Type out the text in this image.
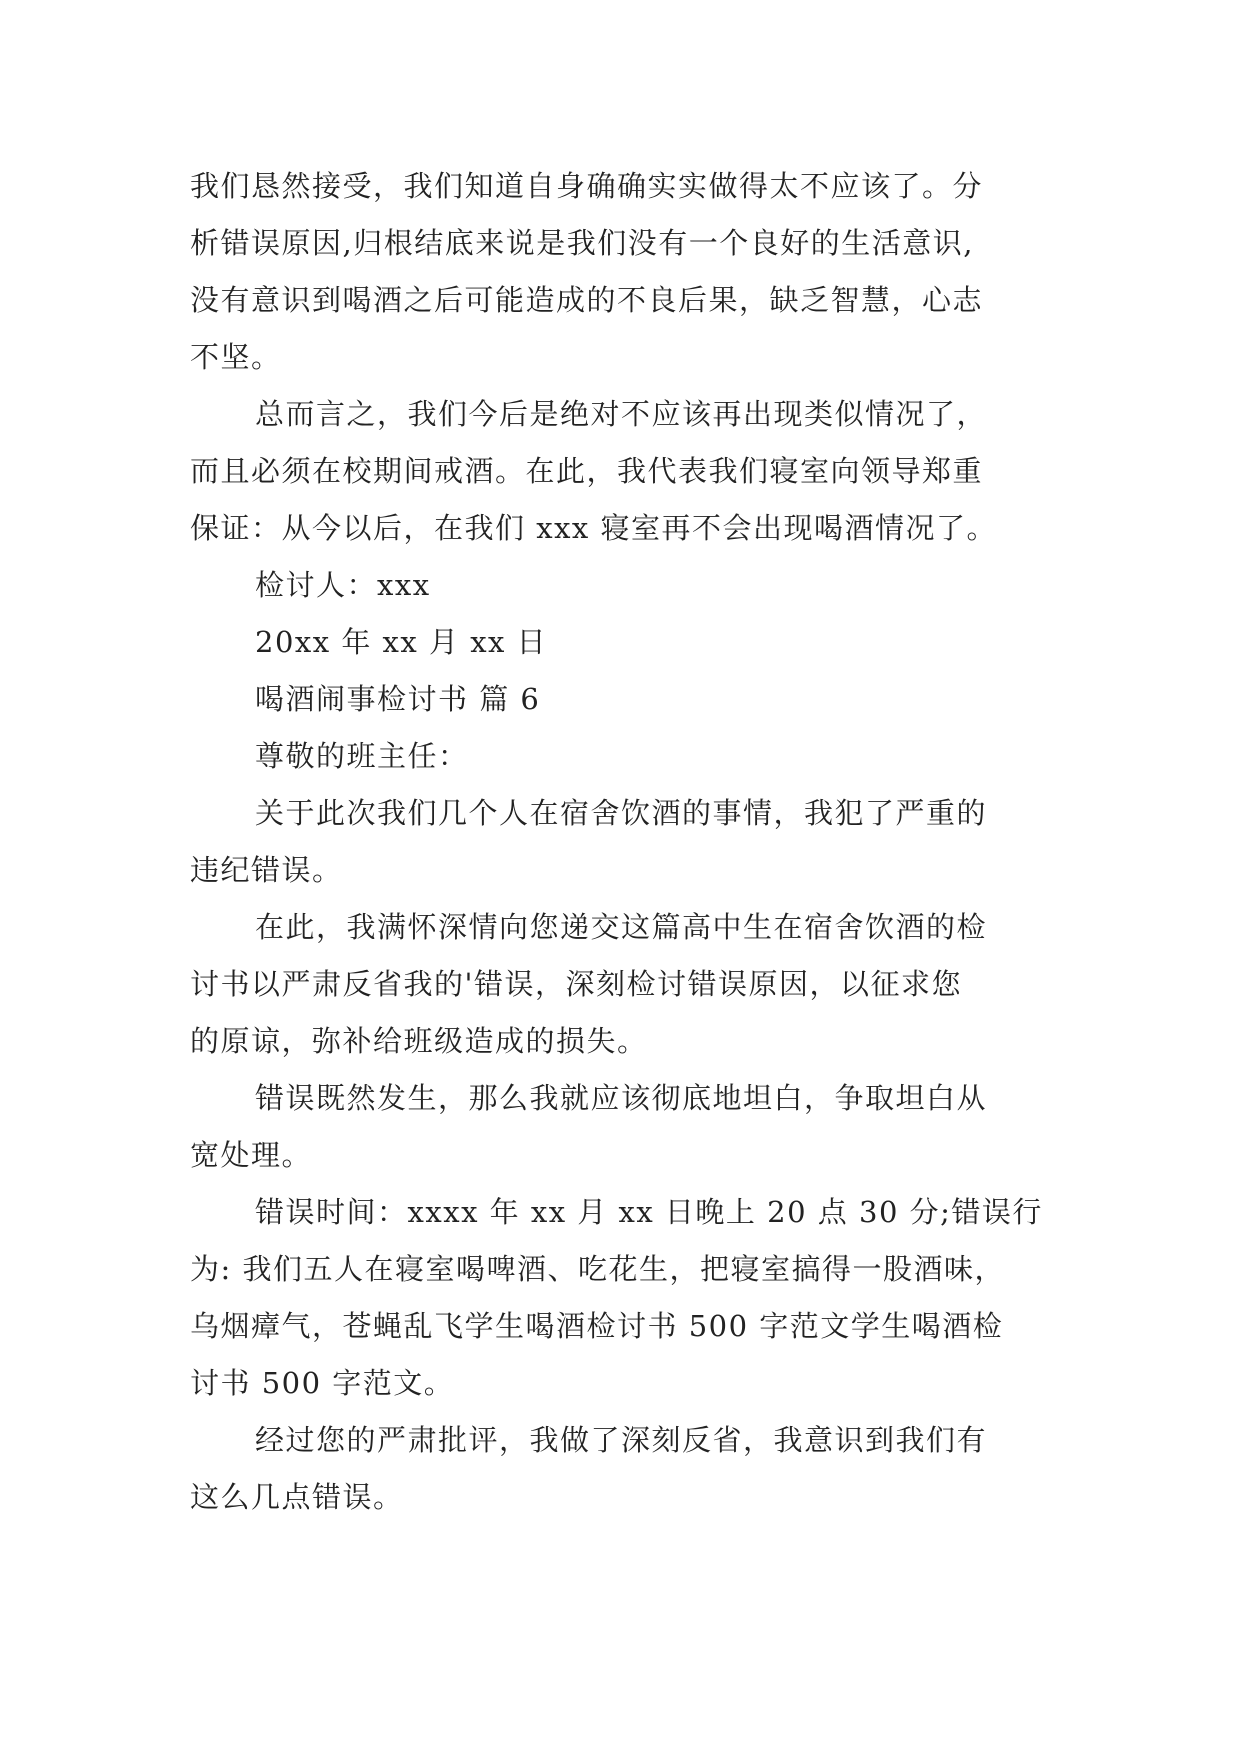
我们恳然接受，我们知道自身确确实实做得太不应该了。分
析错误原因,归根结底来说是我们没有一个良好的生活意识,
没有意识到喝酒之后可能造成的不良后果，缺乏智慧，心志
不坚。
总而言之，我们今后是绝对不应该再出现类似情况了，
而且必须在校期间戒酒。在此，我代表我们寝室向领导郑重
保证：从今以后，在我们 xxx 寝室再不会出现喝酒情况了。
检讨人：xxx
20xx 年 xx 月 xx 日
喝酒闹事检讨书 篇 6
尊敬的班主任：
关于此次我们几个人在宿舍饮酒的事情，我犯了严重的
违纪错误。
在此，我满怀深情向您递交这篇高中生在宿舍饮酒的检
讨书以严肃反省我的'错误，深刻检讨错误原因，以征求您
的原谅，弥补给班级造成的损失。
错误既然发生，那么我就应该彻底地坦白，争取坦白从
宽处理。
错误时间：xxxx 年 xx 月 xx 日晚上 20 点 30 分;错误行
为: 我们五人在寝室喝啤酒、吃花生，把寝室搞得一股酒味，
乌烟瘴气，苍蝇乱飞学生喝酒检讨书 500 字范文学生喝酒检
讨书 500 字范文。
经过您的严肃批评，我做了深刻反省，我意识到我们有
这么几点错误。
